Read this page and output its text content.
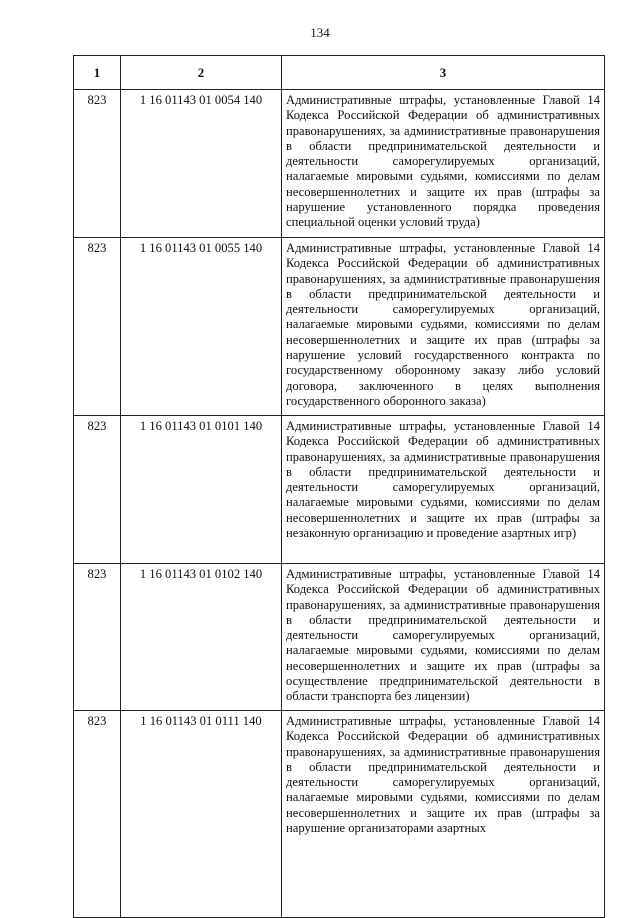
134
1	2	3
823	1 16 01143 01 0054 140	Административные штрафы, установленные Главой 14 Кодекса Российской Федерации об административных правонарушениях, за административные правонарушения в области предпринимательской деятельности и деятельности саморегулируемых организаций, налагаемые мировыми судьями, комиссиями по делам несовершеннолетних и защите их прав (штрафы за нарушение установленного порядка проведения специальной оценки условий труда)
823	1 16 01143 01 0055 140	Административные штрафы, установленные Главой 14 Кодекса Российской Федерации об административных правонарушениях, за административные правонарушения в области предпринимательской деятельности и деятельности саморегулируемых организаций, налагаемые мировыми судьями, комиссиями по делам несовершеннолетних и защите их прав (штрафы за нарушение условий государственного контракта по государственному оборонному заказу либо условий договора, заключенного в целях выполнения государственного оборонного заказа)
823	1 16 01143 01 0101 140	Административные штрафы, установленные Главой 14 Кодекса Российской Федерации об административных правонарушениях, за административные правонарушения в области предпринимательской деятельности и деятельности саморегулируемых организаций, налагаемые мировыми судьями, комиссиями по делам несовершеннолетних и защите их прав (штрафы за незаконную организацию и проведение азартных игр)
823	1 16 01143 01 0102 140	Административные штрафы, установленные Главой 14 Кодекса Российской Федерации об административных правонарушениях, за административные правонарушения в области предпринимательской деятельности и деятельности саморегулируемых организаций, налагаемые мировыми судьями, комиссиями по делам несовершеннолетних и защите их прав (штрафы за осуществление предпринимательской деятельности в области транспорта без лицензии)
823	1 16 01143 01 0111 140	Административные штрафы, установленные Главой 14 Кодекса Российской Федерации об административных правонарушениях, за административные правонарушения в области предпринимательской деятельности и деятельности саморегулируемых организаций, налагаемые мировыми судьями, комиссиями по делам несовершеннолетних и защите их прав (штрафы за нарушение организаторами азартных
